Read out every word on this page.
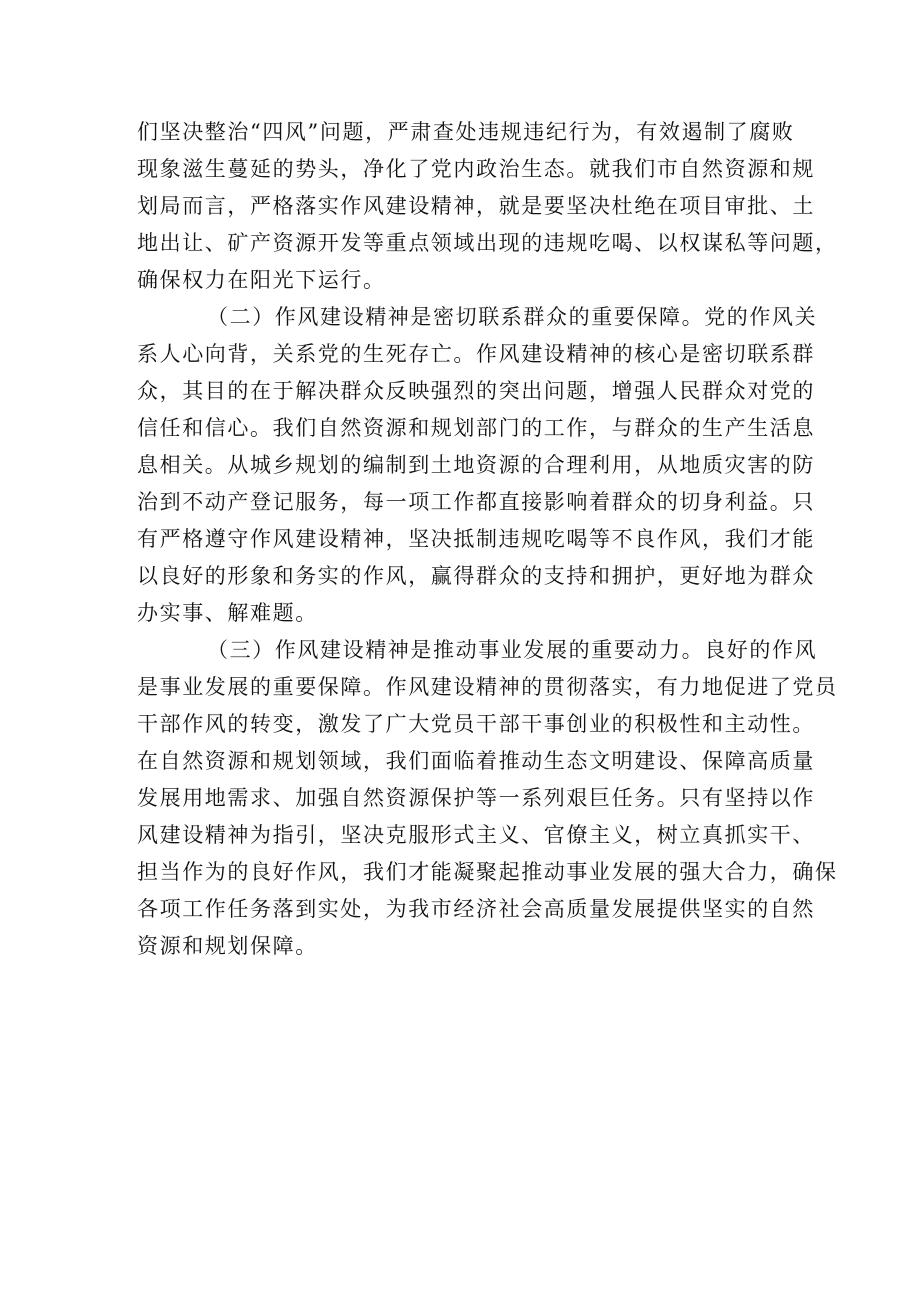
们坚决整治“四风”问题，严肃查处违规违纪行为，有效遏制了腐败
现象滋生蔓延的势头，净化了党内政治生态。就我们市自然资源和规
划局而言，严格落实作风建设精神，就是要坚决杜绝在项目审批、土
地出让、矿产资源开发等重点领域出现的违规吃喝、以权谋私等问题，
确保权力在阳光下运行。
（二）作风建设精神是密切联系群众的重要保障。党的作风关
系人心向背，关系党的生死存亡。作风建设精神的核心是密切联系群
众，其目的在于解决群众反映强烈的突出问题，增强人民群众对党的
信任和信心。我们自然资源和规划部门的工作，与群众的生产生活息
息相关。从城乡规划的编制到土地资源的合理利用，从地质灾害的防
治到不动产登记服务，每一项工作都直接影响着群众的切身利益。只
有严格遵守作风建设精神，坚决抵制违规吃喝等不良作风，我们才能
以良好的形象和务实的作风，赢得群众的支持和拥护，更好地为群众
办实事、解难题。
（三）作风建设精神是推动事业发展的重要动力。良好的作风
是事业发展的重要保障。作风建设精神的贯彻落实，有力地促进了党员
干部作风的转变，激发了广大党员干部干事创业的积极性和主动性。
在自然资源和规划领域，我们面临着推动生态文明建设、保障高质量
发展用地需求、加强自然资源保护等一系列艰巨任务。只有坚持以作
风建设精神为指引，坚决克服形式主义、官僚主义，树立真抓实干、
担当作为的良好作风，我们才能凝聚起推动事业发展的强大合力，确保
各项工作任务落到实处，为我市经济社会高质量发展提供坚实的自然
资源和规划保障。
